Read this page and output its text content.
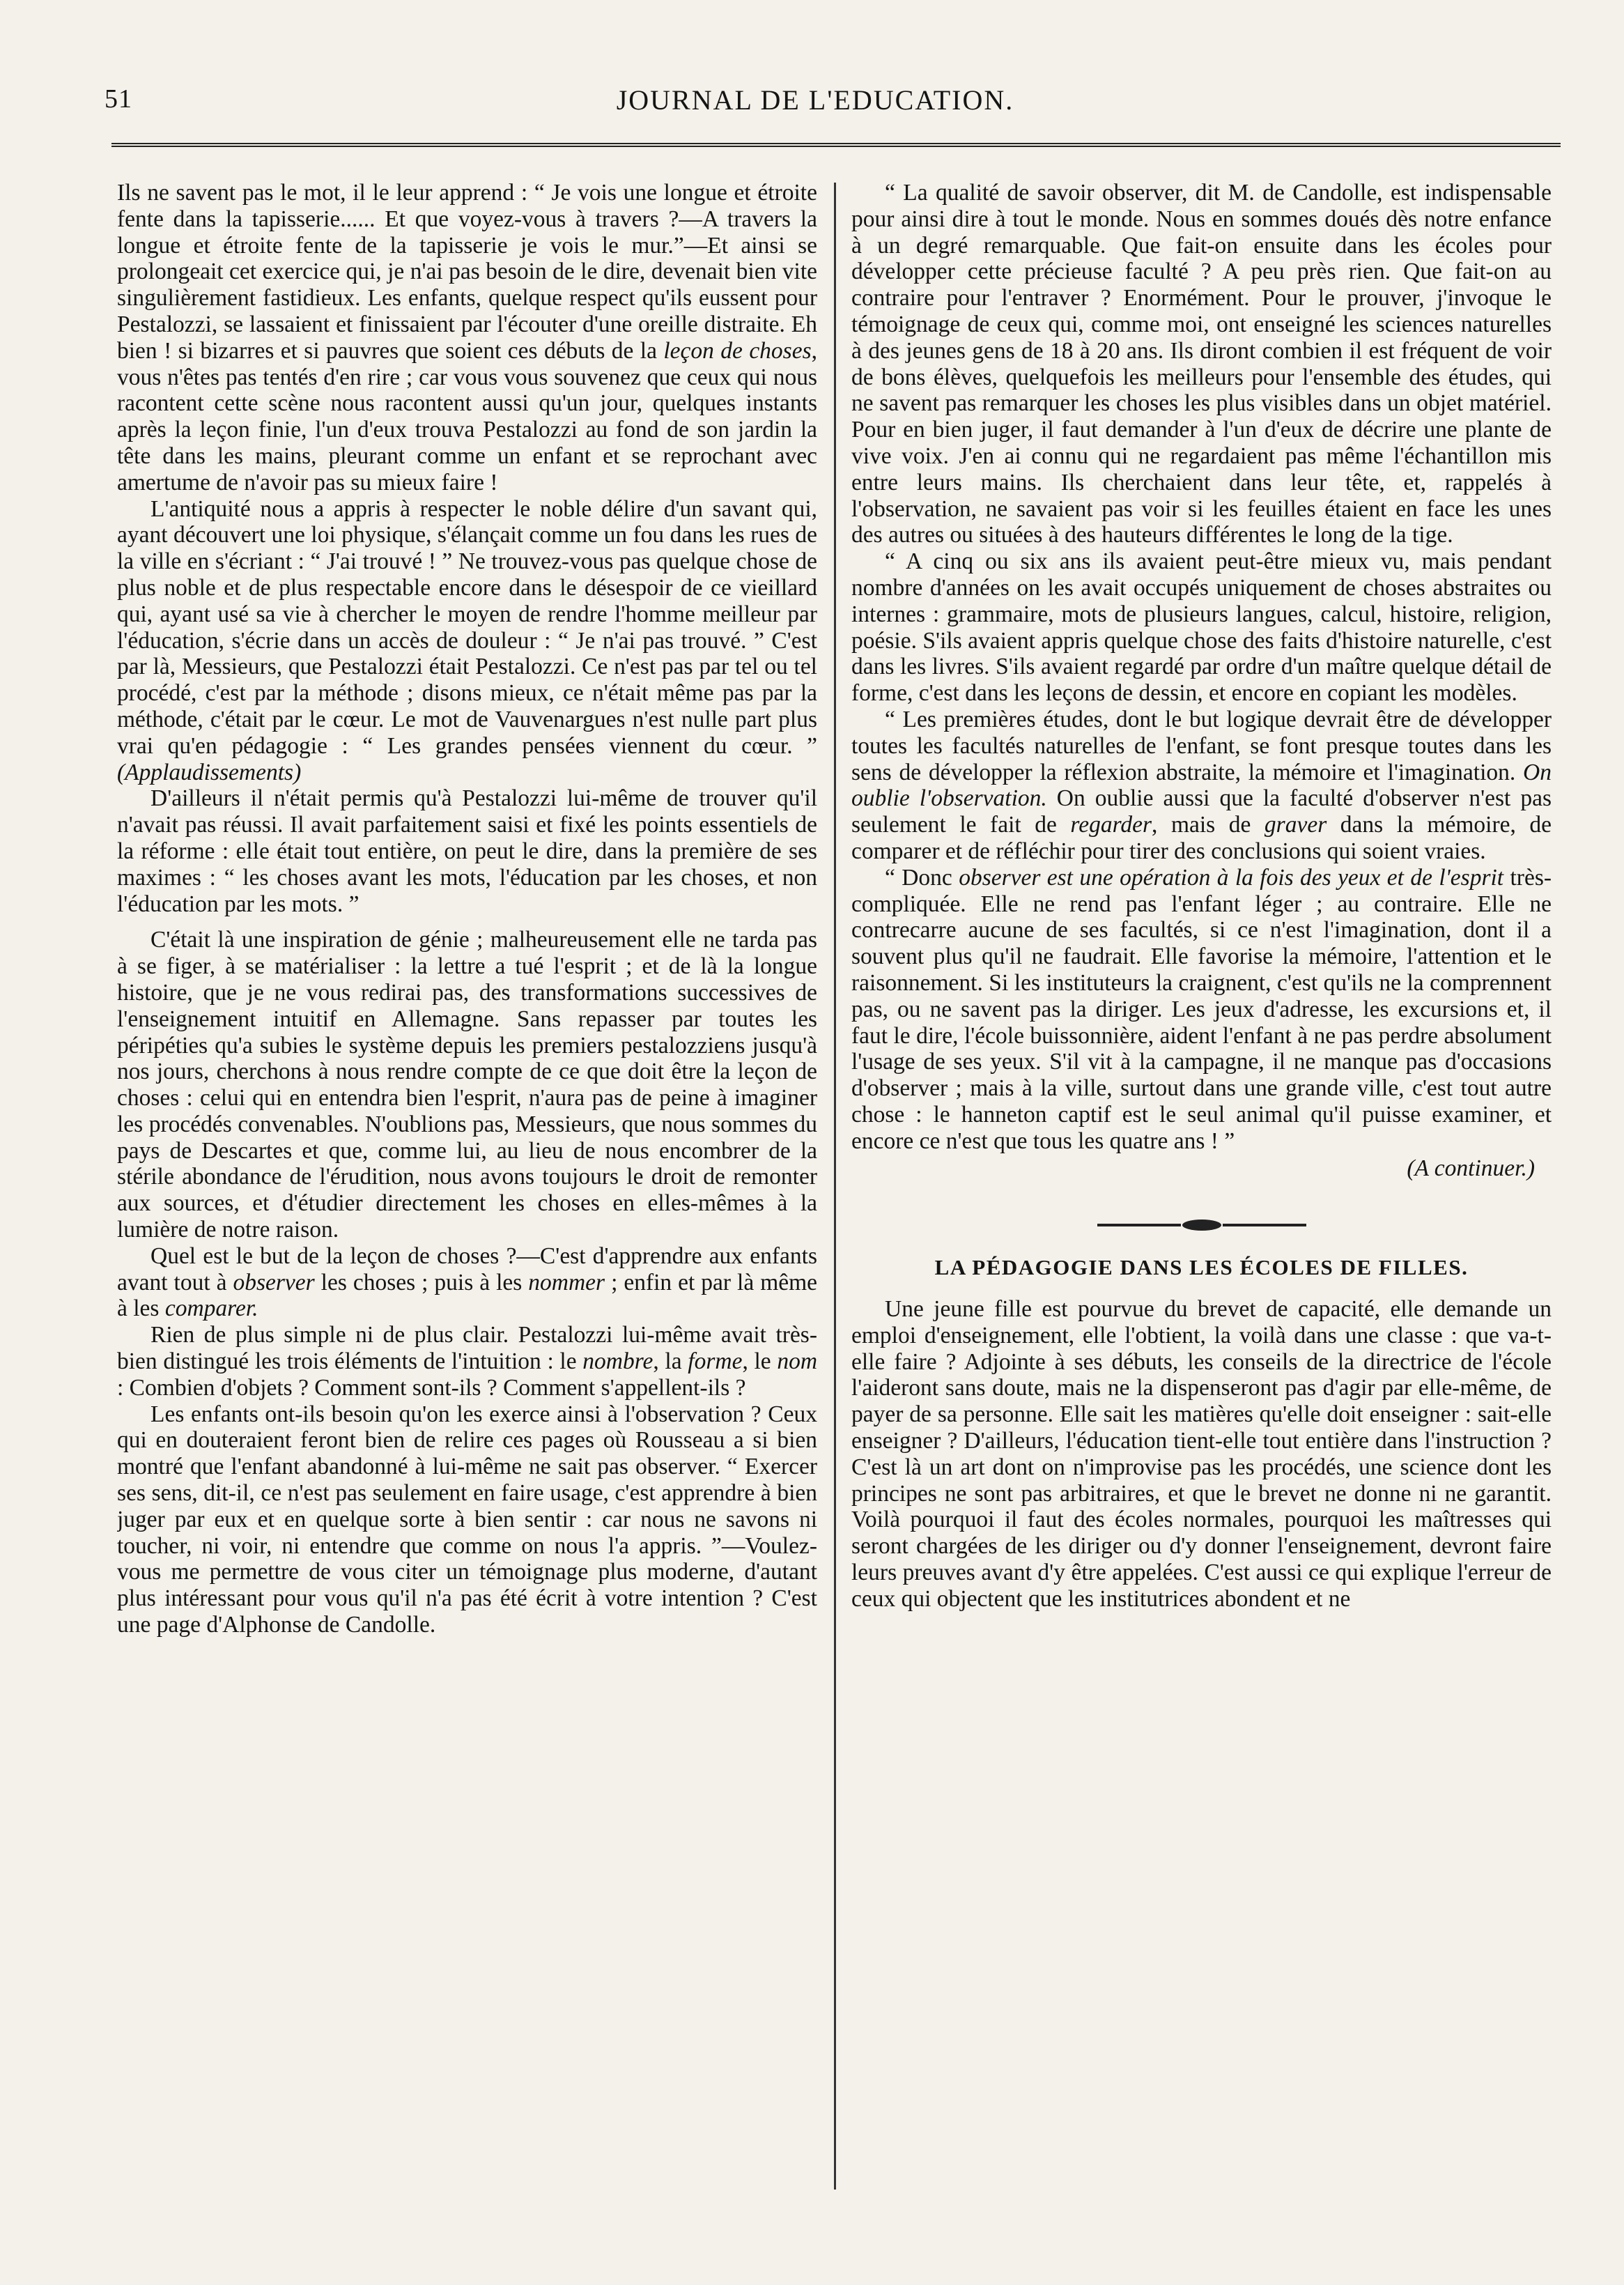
51	JOURNAL DE L'EDUCATION.

Ils ne savent pas le mot, il le leur apprend : “ Je vois une longue et étroite fente dans la tapisserie...... Et que voyez-vous à travers ?—A travers la longue et étroite fente de la tapisserie je vois le mur.”—Et ainsi se prolongeait cet exercice qui, je n'ai pas besoin de le dire, devenait bien vite singulièrement fastidieux. Les enfants, quelque respect qu'ils eussent pour Pestalozzi, se lassaient et finissaient par l'écouter d'une oreille distraite. Eh bien ! si bizarres et si pauvres que soient ces débuts de la leçon de choses, vous n'êtes pas tentés d'en rire ; car vous vous souvenez que ceux qui nous racontent cette scène nous racontent aussi qu'un jour, quelques instants après la leçon finie, l'un d'eux trouva Pestalozzi au fond de son jardin la tête dans les mains, pleurant comme un enfant et se reprochant avec amertume de n'avoir pas su mieux faire !

L'antiquité nous a appris à respecter le noble délire d'un savant qui, ayant découvert une loi physique, s'élançait comme un fou dans les rues de la ville en s'écriant : “ J'ai trouvé ! ” Ne trouvez-vous pas quelque chose de plus noble et de plus respectable encore dans le désespoir de ce vieillard qui, ayant usé sa vie à chercher le moyen de rendre l'homme meilleur par l'éducation, s'écrie dans un accès de douleur : “ Je n'ai pas trouvé. ” C'est par là, Messieurs, que Pestalozzi était Pestalozzi. Ce n'est pas par tel ou tel procédé, c'est par la méthode ; disons mieux, ce n'était même pas par la méthode, c'était par le cœur. Le mot de Vauvenargues n'est nulle part plus vrai qu'en pédagogie : “ Les grandes pensées viennent du cœur. ” (Applaudissements)

D'ailleurs il n'était permis qu'à Pestalozzi lui-même de trouver qu'il n'avait pas réussi. Il avait parfaitement saisi et fixé les points essentiels de la réforme : elle était tout entière, on peut le dire, dans la première de ses maximes : “ les choses avant les mots, l'éducation par les choses, et non l'éducation par les mots. ”

C'était là une inspiration de génie ; malheureusement elle ne tarda pas à se figer, à se matérialiser : la lettre a tué l'esprit ; et de là la longue histoire, que je ne vous redirai pas, des transformations successives de l'enseignement intuitif en Allemagne. Sans repasser par toutes les péripéties qu'a subies le système depuis les premiers pestalozziens jusqu'à nos jours, cherchons à nous rendre compte de ce que doit être la leçon de choses : celui qui en entendra bien l'esprit, n'aura pas de peine à imaginer les procédés convenables. N'oublions pas, Messieurs, que nous sommes du pays de Descartes et que, comme lui, au lieu de nous encombrer de la stérile abondance de l'érudition, nous avons toujours le droit de remonter aux sources, et d'étudier directement les choses en elles-mêmes à la lumière de notre raison.

Quel est le but de la leçon de choses ?—C'est d'apprendre aux enfants avant tout à observer les choses ; puis à les nommer ; enfin et par là même à les comparer.

Rien de plus simple ni de plus clair. Pestalozzi lui-même avait très-bien distingué les trois éléments de l'intuition : le nombre, la forme, le nom : Combien d'objets ? Comment sont-ils ? Comment s'appellent-ils ?

Les enfants ont-ils besoin qu'on les exerce ainsi à l'observation ? Ceux qui en douteraient feront bien de relire ces pages où Rousseau a si bien montré que l'enfant abandonné à lui-même ne sait pas observer. “ Exercer ses sens, dit-il, ce n'est pas seulement en faire usage, c'est apprendre à bien juger par eux et en quelque sorte à bien sentir : car nous ne savons ni toucher, ni voir, ni entendre que comme on nous l'a appris. ”—Voulez-vous me permettre de vous citer un témoignage plus moderne, d'autant plus intéressant pour vous qu'il n'a pas été écrit à votre intention ? C'est une page d'Alphonse de Candolle.

“ La qualité de savoir observer, dit M. de Candolle, est indispensable pour ainsi dire à tout le monde. Nous en sommes doués dès notre enfance à un degré remarquable. Que fait-on ensuite dans les écoles pour développer cette précieuse faculté ? A peu près rien. Que fait-on au contraire pour l'entraver ? Enormément. Pour le prouver, j'invoque le témoignage de ceux qui, comme moi, ont enseigné les sciences naturelles à des jeunes gens de 18 à 20 ans. Ils diront combien il est fréquent de voir de bons élèves, quelquefois les meilleurs pour l'ensemble des études, qui ne savent pas remarquer les choses les plus visibles dans un objet matériel. Pour en bien juger, il faut demander à l'un d'eux de décrire une plante de vive voix. J'en ai connu qui ne regardaient pas même l'échantillon mis entre leurs mains. Ils cherchaient dans leur tête, et, rappelés à l'observation, ne savaient pas voir si les feuilles étaient en face les unes des autres ou situées à des hauteurs différentes le long de la tige.

“ A cinq ou six ans ils avaient peut-être mieux vu, mais pendant nombre d'années on les avait occupés uniquement de choses abstraites ou internes : grammaire, mots de plusieurs langues, calcul, histoire, religion, poésie. S'ils avaient appris quelque chose des faits d'histoire naturelle, c'est dans les livres. S'ils avaient regardé par ordre d'un maître quelque détail de forme, c'est dans les leçons de dessin, et encore en copiant les modèles.

“ Les premières études, dont le but logique devrait être de développer toutes les facultés naturelles de l'enfant, se font presque toutes dans les sens de développer la réflexion abstraite, la mémoire et l'imagination. On oublie l'observation. On oublie aussi que la faculté d'observer n'est pas seulement le fait de regarder, mais de graver dans la mémoire, de comparer et de réfléchir pour tirer des conclusions qui soient vraies.

“ Donc observer est une opération à la fois des yeux et de l'esprit très-compliquée. Elle ne rend pas l'enfant léger ; au contraire. Elle ne contrecarre aucune de ses facultés, si ce n'est l'imagination, dont il a souvent plus qu'il ne faudrait. Elle favorise la mémoire, l'attention et le raisonnement. Si les instituteurs la craignent, c'est qu'ils ne la comprennent pas, ou ne savent pas la diriger. Les jeux d'adresse, les excursions et, il faut le dire, l'école buissonnière, aident l'enfant à ne pas perdre absolument l'usage de ses yeux. S'il vit à la campagne, il ne manque pas d'occasions d'observer ; mais à la ville, surtout dans une grande ville, c'est tout autre chose : le hanneton captif est le seul animal qu'il puisse examiner, et encore ce n'est que tous les quatre ans ! ”

(A continuer.)
LA PÉDAGOGIE DANS LES ÉCOLES DE FILLES.

Une jeune fille est pourvue du brevet de capacité, elle demande un emploi d'enseignement, elle l'obtient, la voilà dans une classe : que va-t-elle faire ? Adjointe à ses débuts, les conseils de la directrice de l'école l'aideront sans doute, mais ne la dispenseront pas d'agir par elle-même, de payer de sa personne. Elle sait les matières qu'elle doit enseigner : sait-elle enseigner ? D'ailleurs, l'éducation tient-elle tout entière dans l'instruction ? C'est là un art dont on n'improvise pas les procédés, une science dont les principes ne sont pas arbitraires, et que le brevet ne donne ni ne garantit. Voilà pourquoi il faut des écoles normales, pourquoi les maîtresses qui seront chargées de les diriger ou d'y donner l'enseignement, devront faire leurs preuves avant d'y être appelées. C'est aussi ce qui explique l'erreur de ceux qui objectent que les institutrices abondent et ne
